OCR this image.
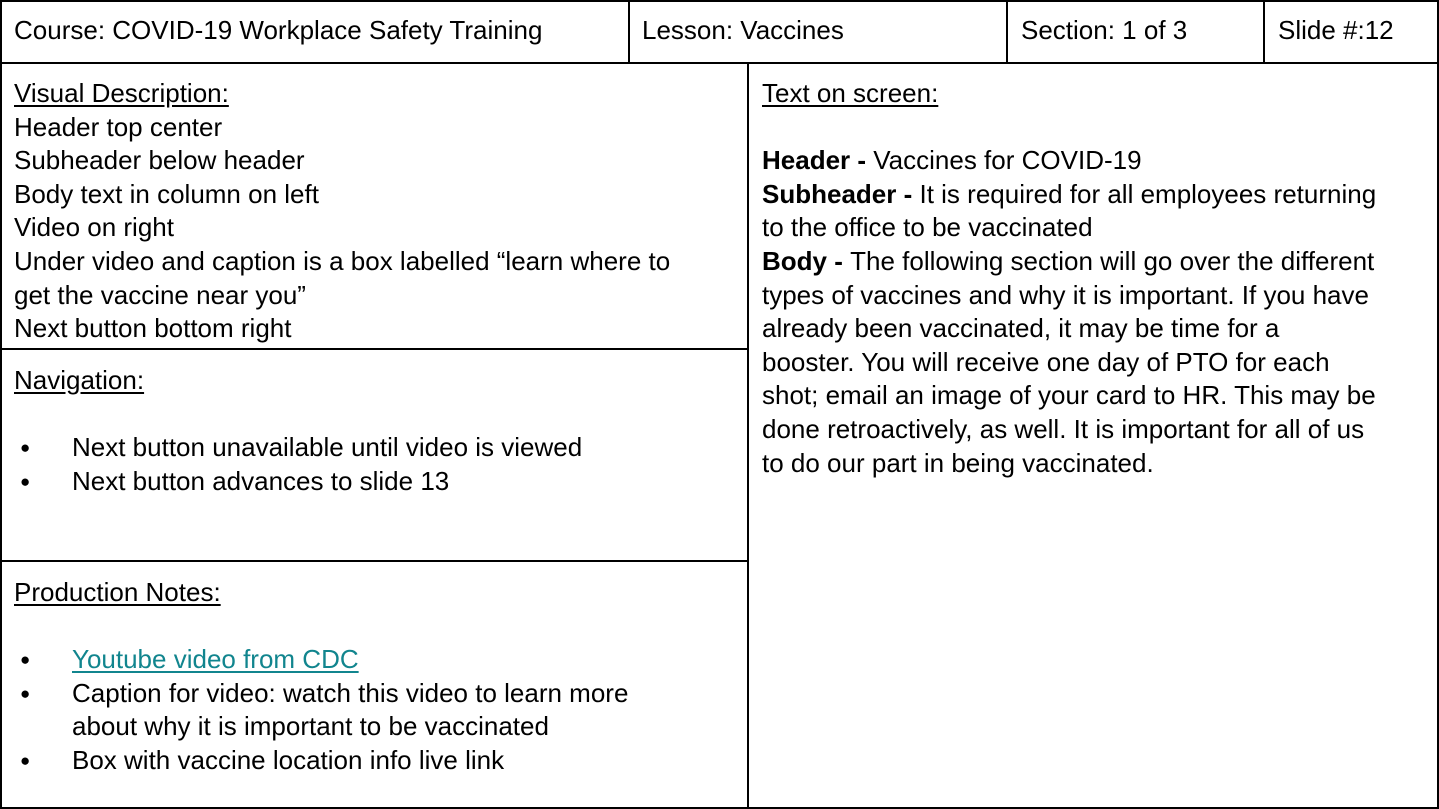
Course: COVID-19 Workplace Safety Training	Lesson: Vaccines	Section: 1 of 3	Slide #:12
Visual Description:
Header top center
Subheader below header
Body text in column on left
Video on right
Under video and caption is a box labelled “learn where to
get the vaccine near you”
Next button bottom right
Navigation:
● Next button unavailable until video is viewed
● Next button advances to slide 13
Production Notes:
● Youtube video from CDC
● Caption for video: watch this video to learn more
about why it is important to be vaccinated
● Box with vaccine location info live link
Text on screen:
Header - Vaccines for COVID-19
Subheader - It is required for all employees returning
to the office to be vaccinated
Body - The following section will go over the different
types of vaccines and why it is important. If you have
already been vaccinated, it may be time for a
booster. You will receive one day of PTO for each
shot; email an image of your card to HR. This may be
done retroactively, as well. It is important for all of us
to do our part in being vaccinated.
